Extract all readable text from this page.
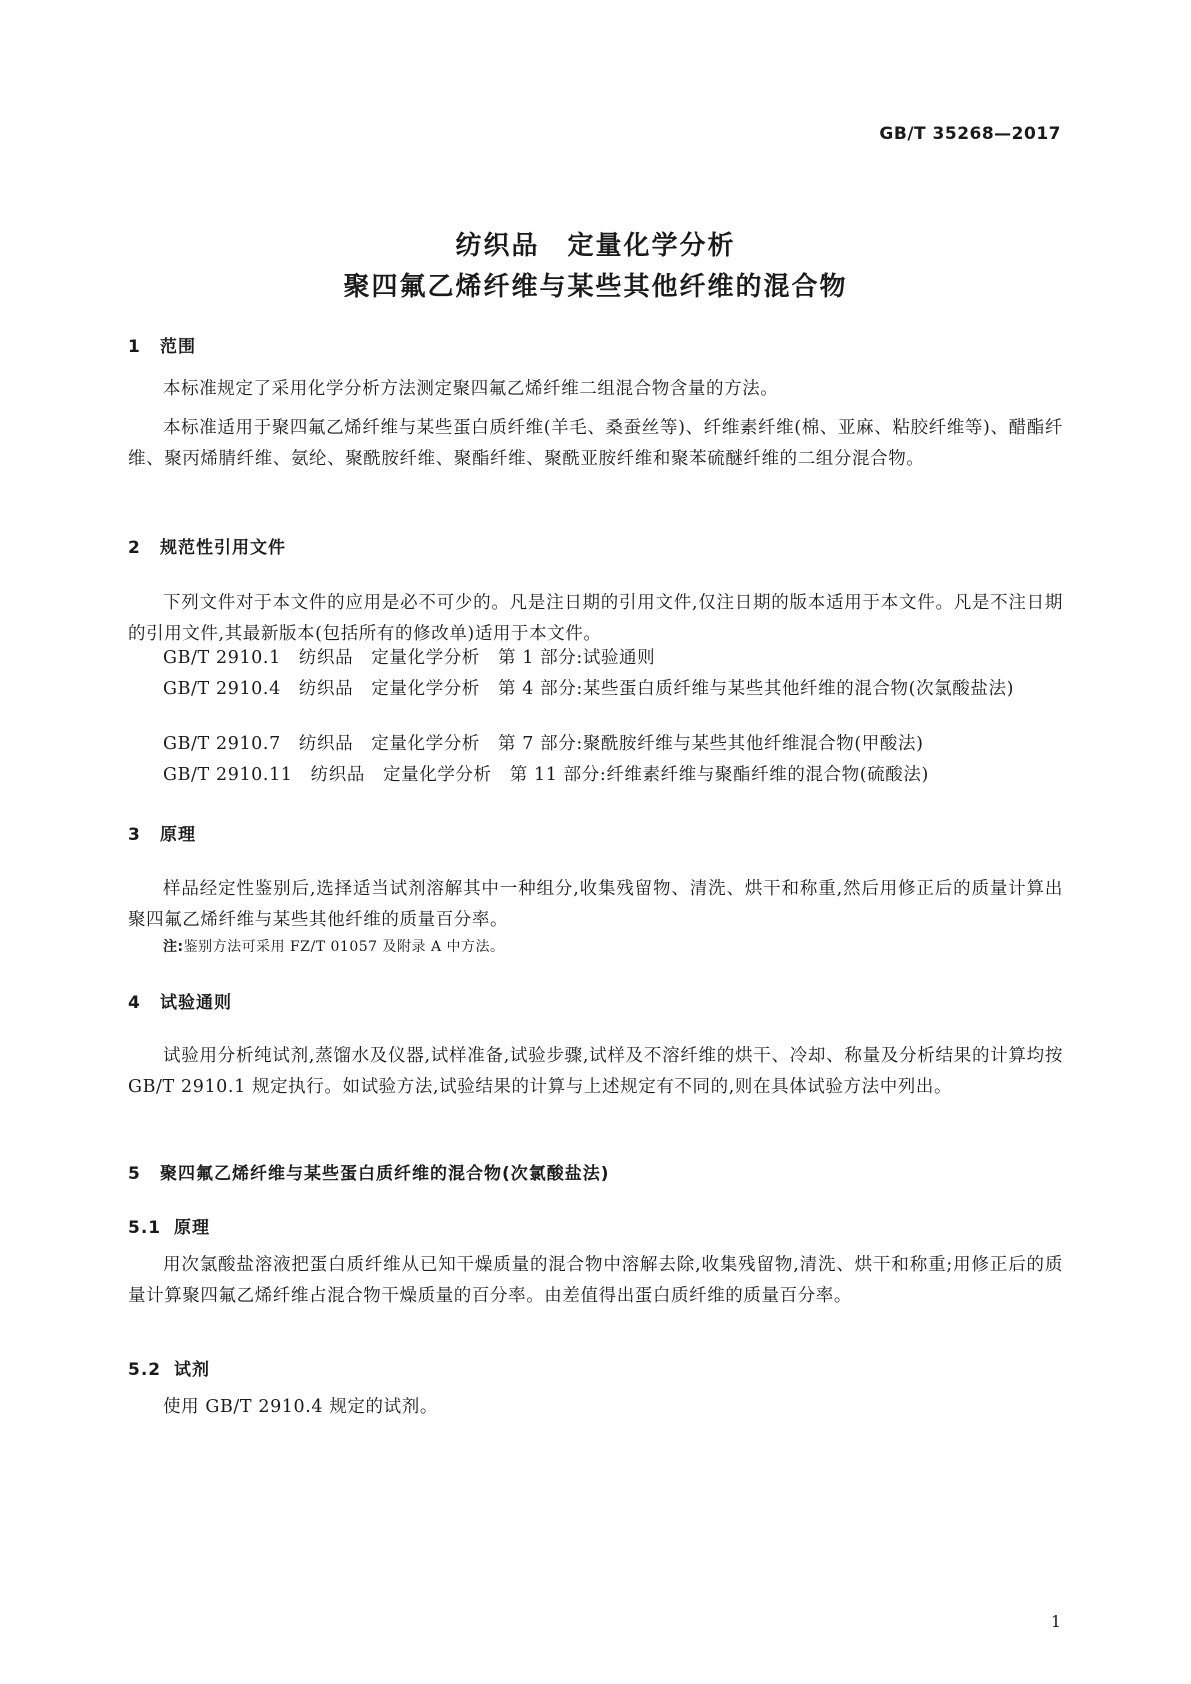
GB/T 35268—2017
纺织品　定量化学分析
聚四氟乙烯纤维与某些其他纤维的混合物
1 范围
本标准规定了采用化学分析方法测定聚四氟乙烯纤维二组混合物含量的方法。
本标准适用于聚四氟乙烯纤维与某些蛋白质纤维(羊毛、桑蚕丝等)、纤维素纤维(棉、亚麻、粘胶纤维等)、醋酯纤维、聚丙烯腈纤维、氨纶、聚酰胺纤维、聚酯纤维、聚酰亚胺纤维和聚苯硫醚纤维的二组分混合物。
2 规范性引用文件
下列文件对于本文件的应用是必不可少的。凡是注日期的引用文件,仅注日期的版本适用于本文件。凡是不注日期的引用文件,其最新版本(包括所有的修改单)适用于本文件。
GB/T 2910.1　纺织品　定量化学分析　第 1 部分:试验通则
GB/T 2910.4　纺织品　定量化学分析　第 4 部分:某些蛋白质纤维与某些其他纤维的混合物(次氯酸盐法)
GB/T 2910.7　纺织品　定量化学分析　第 7 部分:聚酰胺纤维与某些其他纤维混合物(甲酸法)
GB/T 2910.11　纺织品　定量化学分析　第 11 部分:纤维素纤维与聚酯纤维的混合物(硫酸法)
3 原理
样品经定性鉴别后,选择适当试剂溶解其中一种组分,收集残留物、清洗、烘干和称重,然后用修正后的质量计算出聚四氟乙烯纤维与某些其他纤维的质量百分率。
注:鉴别方法可采用 FZ/T 01057 及附录 A 中方法。
4 试验通则
试验用分析纯试剂,蒸馏水及仪器,试样准备,试验步骤,试样及不溶纤维的烘干、冷却、称量及分析结果的计算均按 GB/T 2910.1 规定执行。如试验方法,试验结果的计算与上述规定有不同的,则在具体试验方法中列出。
5 聚四氟乙烯纤维与某些蛋白质纤维的混合物(次氯酸盐法)
5.1 原理
用次氯酸盐溶液把蛋白质纤维从已知干燥质量的混合物中溶解去除,收集残留物,清洗、烘干和称重;用修正后的质量计算聚四氟乙烯纤维占混合物干燥质量的百分率。由差值得出蛋白质纤维的质量百分率。
5.2 试剂
使用 GB/T 2910.4 规定的试剂。
1
